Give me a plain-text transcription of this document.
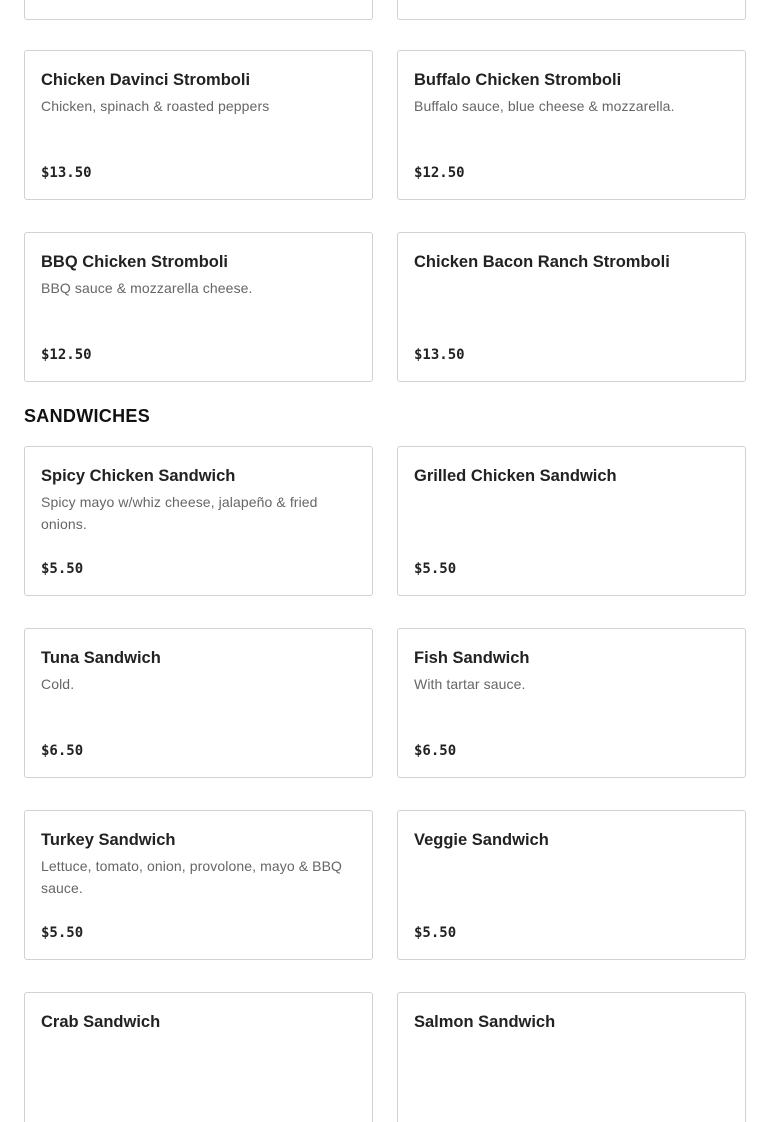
Chicken Davinci Stromboli
Chicken, spinach & roasted peppers
$13.50
Buffalo Chicken Stromboli
Buffalo sauce, blue cheese & mozzarella.
$12.50
BBQ Chicken Stromboli
BBQ sauce & mozzarella cheese.
$12.50
Chicken Bacon Ranch Stromboli
$13.50
SANDWICHES
Spicy Chicken Sandwich
Spicy mayo w/whiz cheese, jalapeño & fried onions.
$5.50
Grilled Chicken Sandwich
$5.50
Tuna Sandwich
Cold.
$6.50
Fish Sandwich
With tartar sauce.
$6.50
Turkey Sandwich
Lettuce, tomato, onion, provolone, mayo & BBQ sauce.
$5.50
Veggie Sandwich
$5.50
Crab Sandwich	Salmon Sandwich
